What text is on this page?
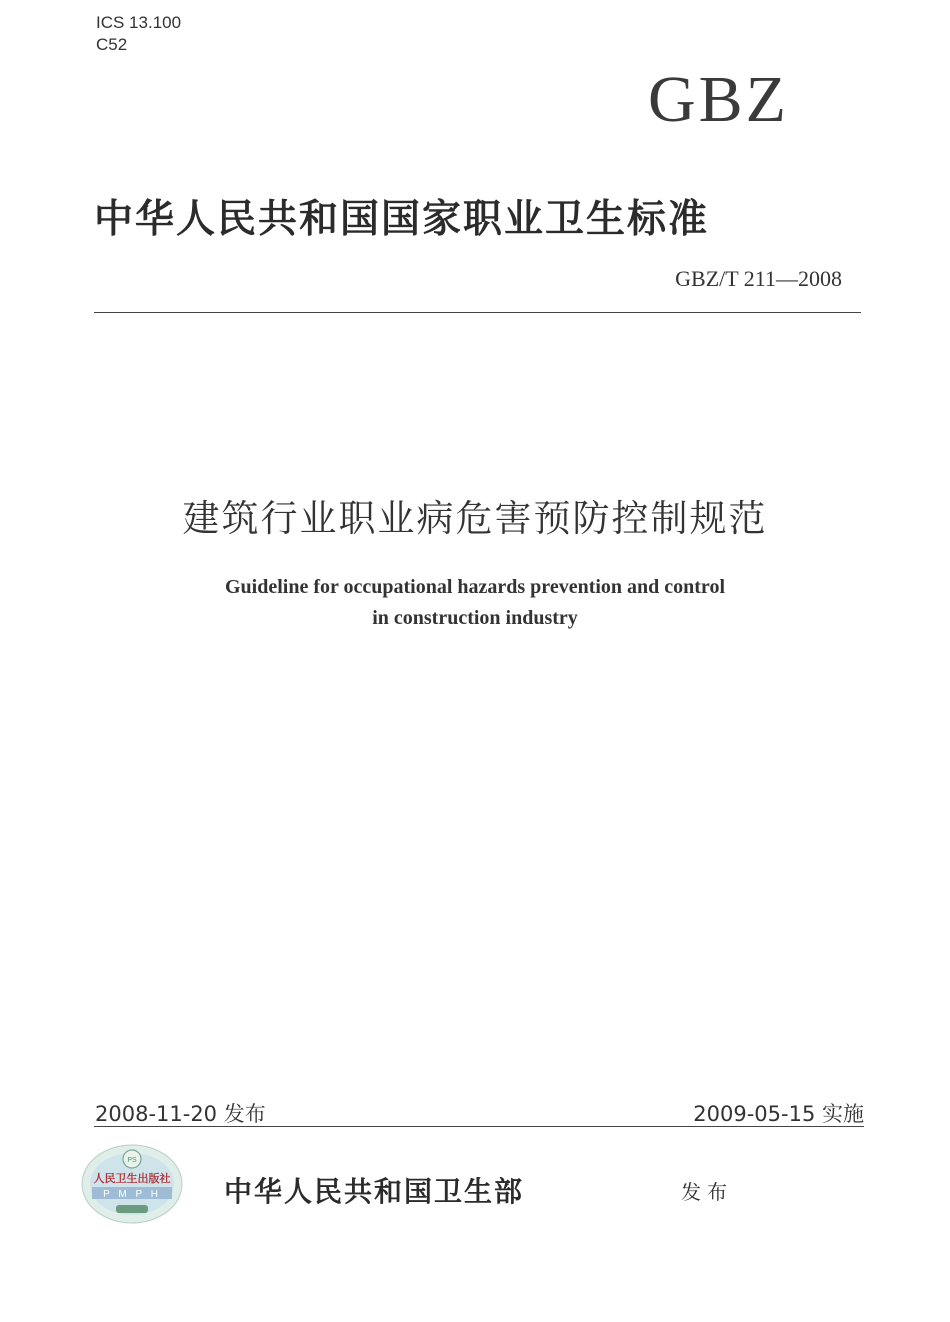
ICS 13.100
C52
GBZ
中华人民共和国国家职业卫生标准
GBZ/T 211—2008
建筑行业职业病危害预防控制规范
Guideline for occupational hazards prevention and control
in construction industry
2008-11-20 发布	2009-05-15 实施
PS
人民卫生出版社
P M P H 中华人民共和国卫生部	发布
